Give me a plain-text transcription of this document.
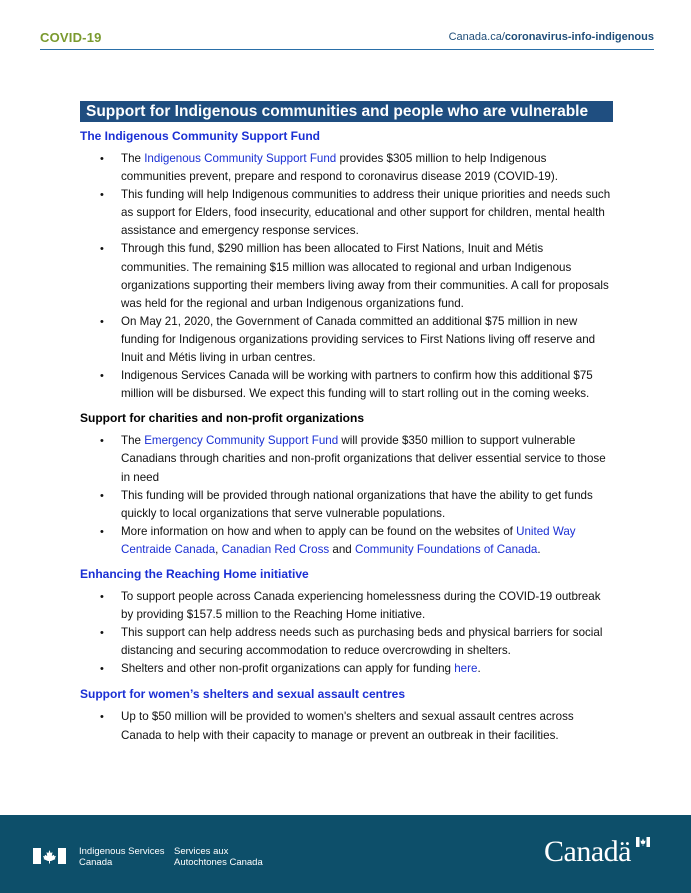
COVID-19	Canada.ca/coronavirus-info-indigenous
Support for Indigenous communities and people who are vulnerable
The Indigenous Community Support Fund
• The Indigenous Community Support Fund provides $305 million to help Indigenous communities prevent, prepare and respond to coronavirus disease 2019 (COVID-19).
• This funding will help Indigenous communities to address their unique priorities and needs such as support for Elders, food insecurity, educational and other support for children, mental health assistance and emergency response services.
• Through this fund, $290 million has been allocated to First Nations, Inuit and Métis communities. The remaining $15 million was allocated to regional and urban Indigenous organizations supporting their members living away from their communities. A call for proposals was held for the regional and urban Indigenous organizations fund.
• On May 21, 2020, the Government of Canada committed an additional $75 million in new funding for Indigenous organizations providing services to First Nations living off reserve and Inuit and Métis living in urban centres.
• Indigenous Services Canada will be working with partners to confirm how this additional $75 million will be disbursed. We expect this funding will to start rolling out in the coming weeks.
Support for charities and non-profit organizations
• The Emergency Community Support Fund will provide $350 million to support vulnerable Canadians through charities and non-profit organizations that deliver essential service to those in need
• This funding will be provided through national organizations that have the ability to get funds quickly to local organizations that serve vulnerable populations.
• More information on how and when to apply can be found on the websites of United Way Centraide Canada, Canadian Red Cross and Community Foundations of Canada.
Enhancing the Reaching Home initiative
• To support people across Canada experiencing homelessness during the COVID-19 outbreak by providing $157.5 million to the Reaching Home initiative.
• This support can help address needs such as purchasing beds and physical barriers for social distancing and securing accommodation to reduce overcrowding in shelters.
• Shelters and other non-profit organizations can apply for funding here.
Support for women’s shelters and sexual assault centres
• Up to $50 million will be provided to women's shelters and sexual assault centres across Canada to help with their capacity to manage or prevent an outbreak in their facilities.
Indigenous Services
Canada
Services aux
Autochtones Canada	Canadä
